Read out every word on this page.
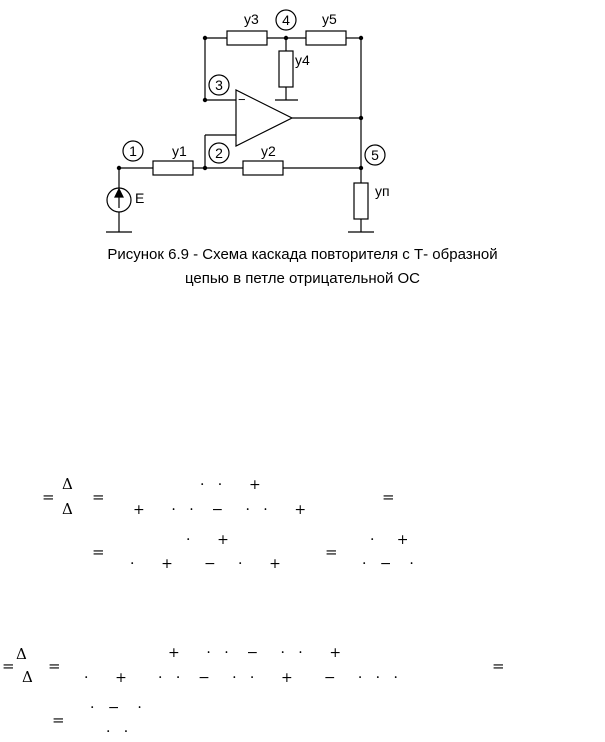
1	2
3
4
5
y1	y2
y3
y4
y5
yп
E
−
Рисунок 6.9 - Схема каскада повторителя с Т- образной
цепью в петле отрицательной ОС
Δ
=
Δ
=
·   ·      +
+      ·   ·    −     ·   ·      +
=
=
·      +
·      +       −     ·      +
=
·     +
·   −    ·
=
Δ
Δ
=
+      ·   ·    −     ·   ·      +
·      +       ·   ·    −     ·   ·      +       −     ·   ·   ·
=
=
·   −    ·
·   ·
